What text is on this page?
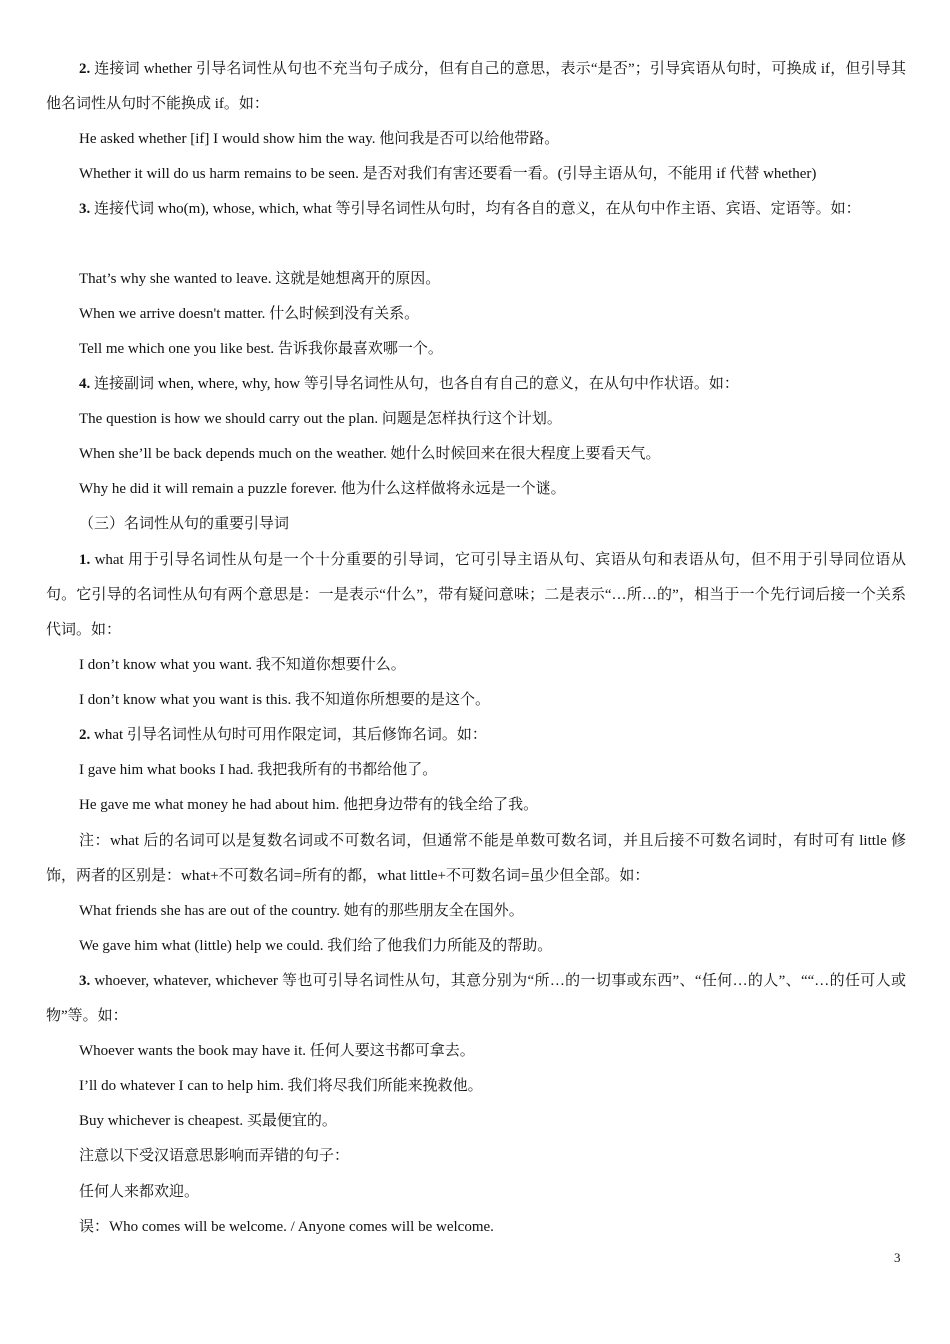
2. 连接词 whether 引导名词性从句也不充当句子成分，但有自己的意思，表示“是否”；引导宾语从句时，可换成 if，但引导其他名词性从句时不能换成 if。如：

He asked whether [if] I would show him the way. 他问我是否可以给他带路。

Whether it will do us harm remains to be seen. 是否对我们有害还要看一看。(引导主语从句，不能用 if 代替 whether)

3. 连接代词 who(m), whose, which, what 等引导名词性从句时，均有各自的意义，在从句中作主语、宾语、定语等。如：

That’s why she wanted to leave. 这就是她想离开的原因。

When we arrive doesn't matter. 什么时候到没有关系。

Tell me which one you like best. 告诉我你最喜欢哪一个。

4. 连接副词 when, where, why, how 等引导名词性从句，也各自有自己的意义，在从句中作状语。如：

The question is how we should carry out the plan. 问题是怎样执行这个计划。

When she’ll be back depends much on the weather. 她什么时候回来在很大程度上要看天气。

Why he did it will remain a puzzle forever. 他为什么这样做将永远是一个谜。

（三）名词性从句的重要引导词

1. what 用于引导名词性从句是一个十分重要的引导词，它可引导主语从句、宾语从句和表语从句，但不用于引导同位语从句。它引导的名词性从句有两个意思是：一是表示“什么”，带有疑问意味；二是表示“…所…的”，相当于一个先行词后接一个关系代词。如：

I don’t know what you want. 我不知道你想要什么。

I don’t know what you want is this. 我不知道你所想要的是这个。

2. what 引导名词性从句时可用作限定词，其后修饰名词。如：

I gave him what books I had. 我把我所有的书都给他了。

He gave me what money he had about him. 他把身边带有的钱全给了我。

注：what 后的名词可以是复数名词或不可数名词，但通常不能是单数可数名词，并且后接不可数名词时，有时可有 little 修饰，两者的区别是：what+不可数名词=所有的都，what little+不可数名词=虽少但全部。如：

What friends she has are out of the country. 她有的那些朋友全在国外。

We gave him what (little) help we could. 我们给了他我们力所能及的帮助。

3. whoever, whatever, whichever 等也可引导名词性从句，其意分别为“所…的一切事或东西”、“任何…的人”、““…的任可人或物”等。如：

Whoever wants the book may have it. 任何人要这书都可拿去。

I’ll do whatever I can to help him. 我们将尽我们所能来挽救他。

Buy whichever is cheapest. 买最便宜的。

注意以下受汉语意思影响而弄错的句子：

任何人来都欢迎。

误：Who comes will be welcome. / Anyone comes will be welcome.

3
